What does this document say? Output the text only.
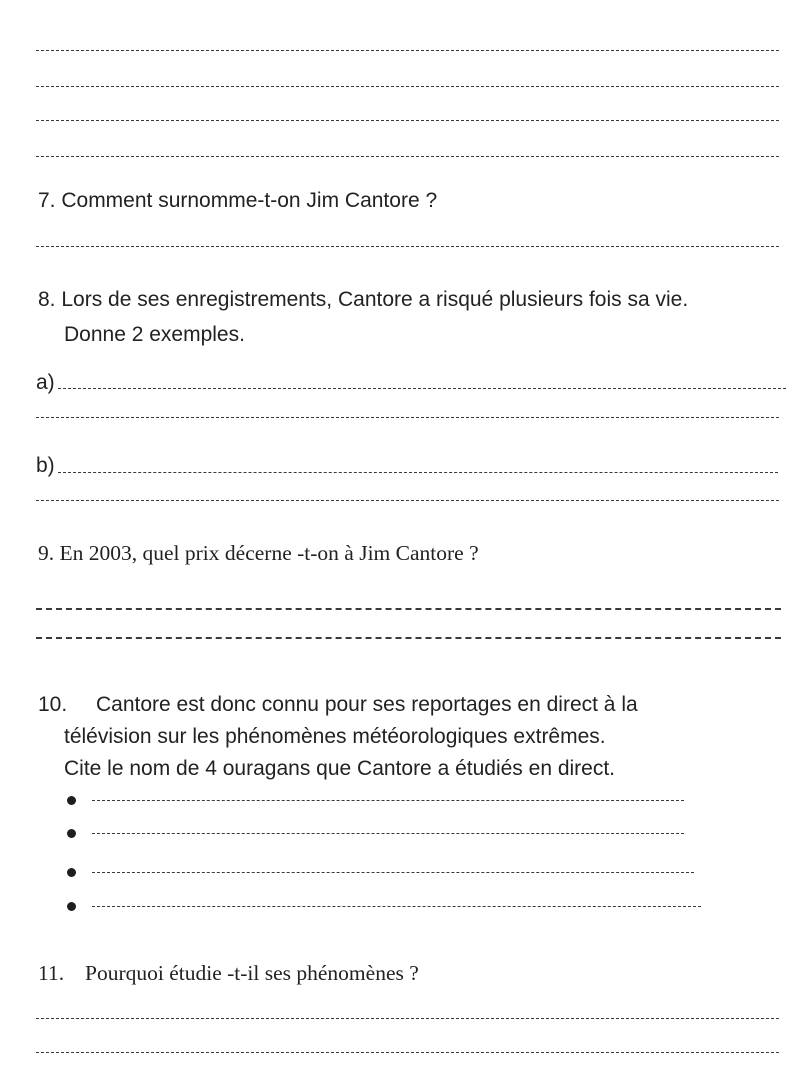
7. Comment surnomme-t-on Jim Cantore ?

8. Lors de ses enregistrements, Cantore a risqué plusieurs fois sa vie.

Donne 2 exemples.

a)
b)

9. En 2003, quel prix décerne -t-on à Jim Cantore ?

10. Cantore est donc connu pour ses reportages en direct à la

télévision sur les phénomènes météorologiques extrêmes.

Cite le nom de 4 ouragans que Cantore a étudiés en direct.

11. Pourquoi étudie -t-il ses phénomènes ?
